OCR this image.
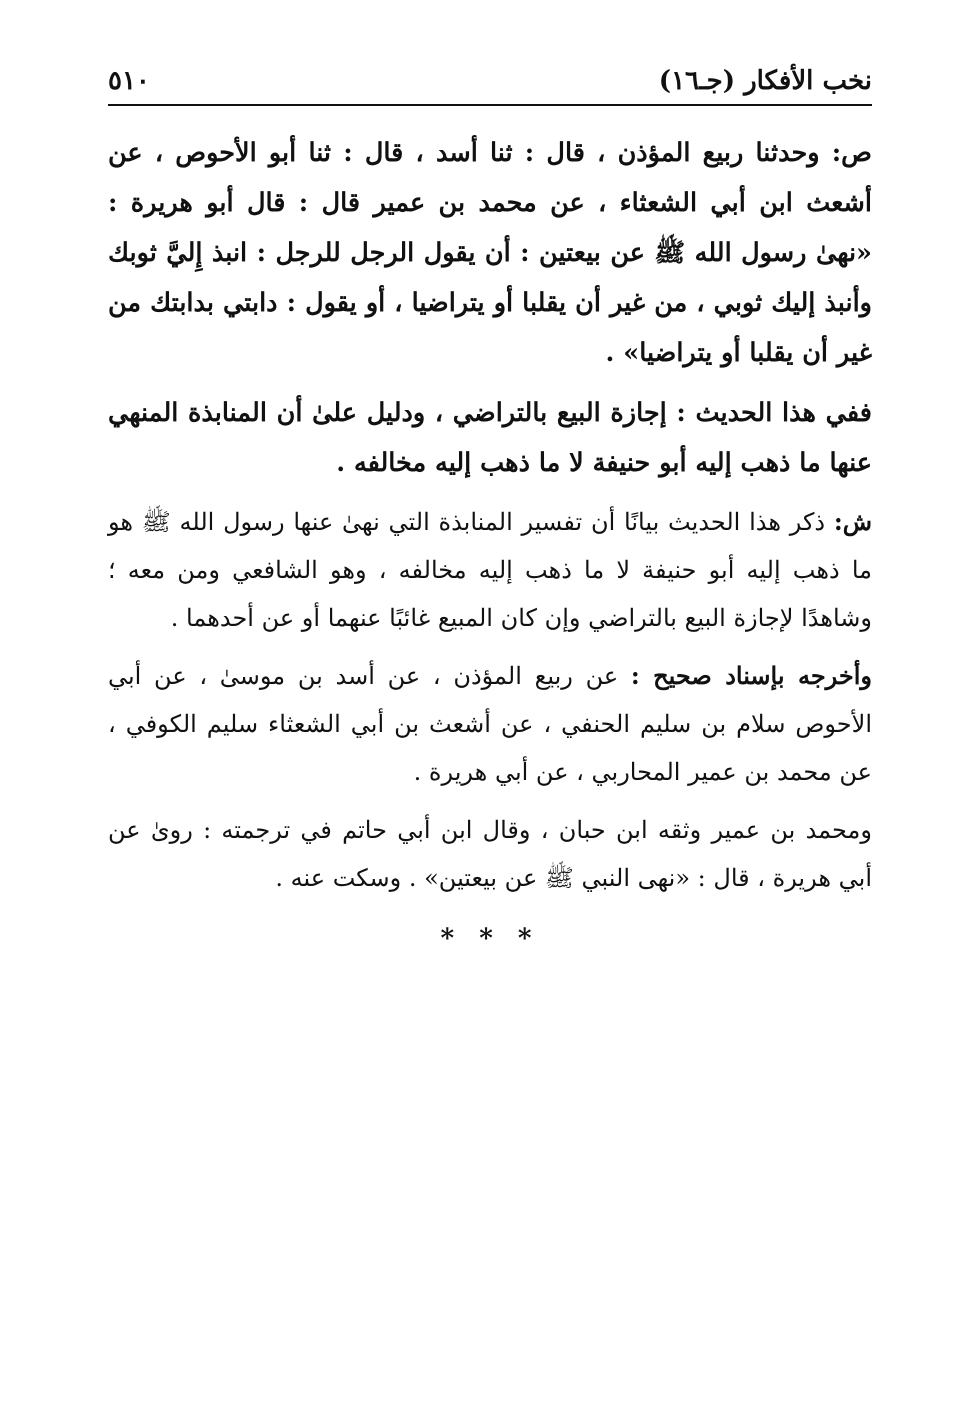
نخب الأفكار (جـ١٦)
٥١٠

ص: وحدثنا ربيع المؤذن ، قال : ثنا أسد ، قال : ثنا أبو الأحوص ، عن أشعث ابن أبي الشعثاء ، عن محمد بن عمير قال : قال أبو هريرة : «نهىٰ رسول الله ﷺ عن بيعتين : أن يقول الرجل للرجل : انبذ إِليَّ ثوبك وأنبذ إليك ثوبي ، من غير أن يقلبا أو يتراضيا ، أو يقول : دابتي بدابتك من غير أن يقلبا أو يتراضيا» .

ففي هذا الحديث : إجازة البيع بالتراضي ، ودليل علىٰ أن المنابذة المنهي عنها ما ذهب إليه أبو حنيفة لا ما ذهب إليه مخالفه .

ش: ذكر هذا الحديث بيانًا أن تفسير المنابذة التي نهىٰ عنها رسول الله ﷺ هو ما ذهب إليه أبو حنيفة لا ما ذهب إليه مخالفه ، وهو الشافعي ومن معه ؛ وشاهدًا لإجازة البيع بالتراضي وإن كان المبيع غائبًا عنهما أو عن أحدهما .

وأخرجه بإسناد صحيح : عن ربيع المؤذن ، عن أسد بن موسىٰ ، عن أبي الأحوص سلام بن سليم الحنفي ، عن أشعث بن أبي الشعثاء سليم الكوفي ، عن محمد بن عمير المحاربي ، عن أبي هريرة .

ومحمد بن عمير وثقه ابن حبان ، وقال ابن أبي حاتم في ترجمته : روىٰ عن أبي هريرة ، قال : «نهى النبي ﷺ عن بيعتين» . وسكت عنه .

* * *
